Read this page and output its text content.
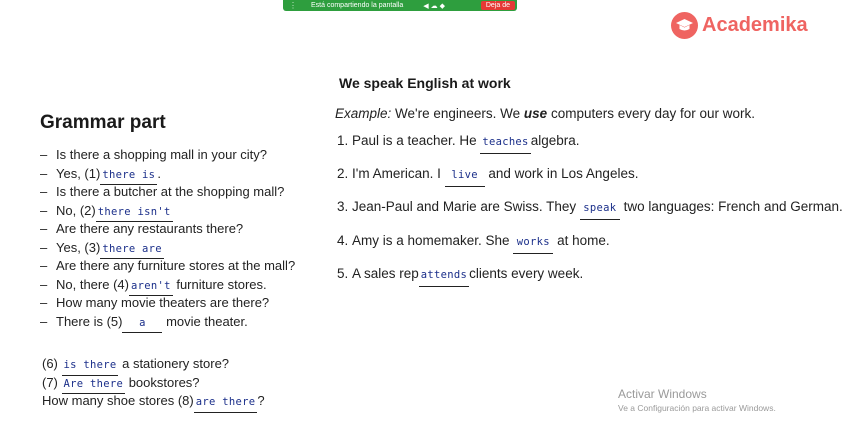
⋮ Está compartiendo la pantalla	◀☁◆	Deja de
Academika
Grammar part
– Is there a shopping mall in your city?
– Yes, (1) there is .
– Is there a butcher at the shopping mall?
– No, (2) there isn't
– Are there any restaurants there?
– Yes, (3) there are
– Are there any furniture stores at the mall?
– No, there (4) aren't furniture stores.
– How many movie theaters are there?
– There is (5) a movie theater.
(6) is there a stationery store?
(7) Are there bookstores?
How many shoe stores (8) are there ?
We speak English at work
Example: We're engineers. We use computers every day for our work.
1. Paul is a teacher. He teaches algebra.
2. I'm American. I live and work in Los Angeles.
3. Jean-Paul and Marie are Swiss. They speak two languages: French and German.
4. Amy is a homemaker. She works at home.
5. A sales rep attends clients every week.
Activar Windows
Ve a Configuración para activar Windows.
